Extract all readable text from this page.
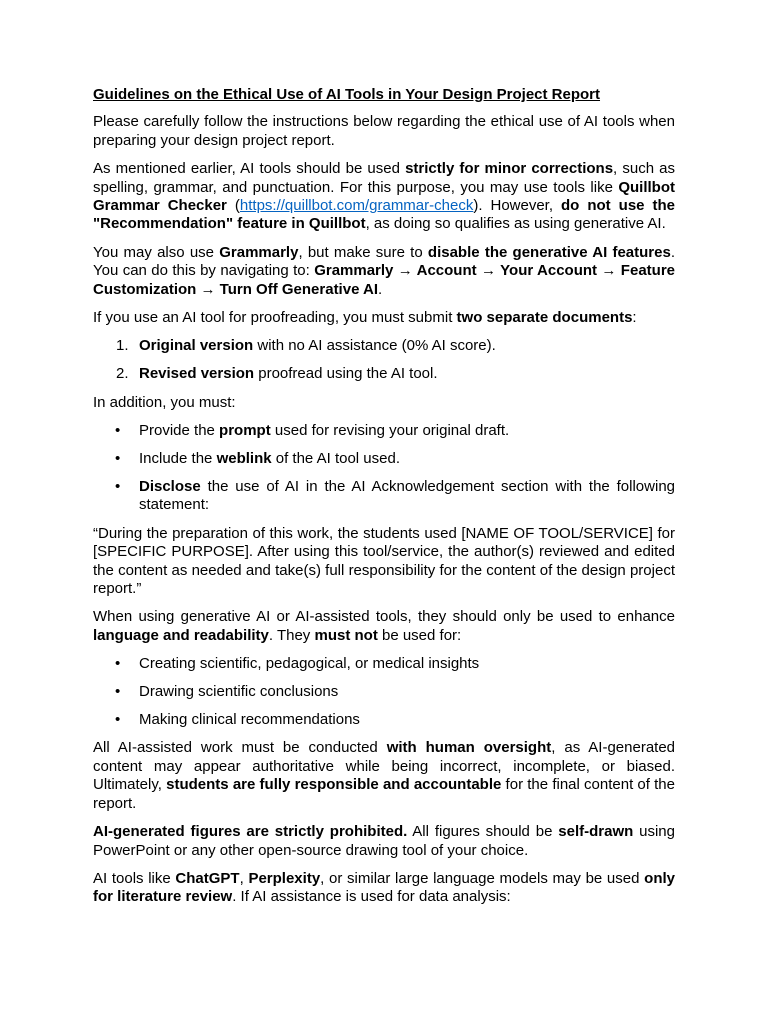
Guidelines on the Ethical Use of AI Tools in Your Design Project Report

Please carefully follow the instructions below regarding the ethical use of AI tools when preparing your design project report.

As mentioned earlier, AI tools should be used strictly for minor corrections, such as spelling, grammar, and punctuation. For this purpose, you may use tools like Quillbot Grammar Checker (https://quillbot.com/grammar-check). However, do not use the "Recommendation" feature in Quillbot, as doing so qualifies as using generative AI.

You may also use Grammarly, but make sure to disable the generative AI features. You can do this by navigating to: Grammarly → Account → Your Account → Feature Customization → Turn Off Generative AI.

If you use an AI tool for proofreading, you must submit two separate documents:

1. Original version with no AI assistance (0% AI score).
2. Revised version proofread using the AI tool.

In addition, you must:

• Provide the prompt used for revising your original draft.
• Include the weblink of the AI tool used.
• Disclose the use of AI in the AI Acknowledgement section with the following statement:

“During the preparation of this work, the students used [NAME OF TOOL/SERVICE] for [SPECIFIC PURPOSE]. After using this tool/service, the author(s) reviewed and edited the content as needed and take(s) full responsibility for the content of the design project report.”

When using generative AI or AI-assisted tools, they should only be used to enhance language and readability. They must not be used for:

• Creating scientific, pedagogical, or medical insights
• Drawing scientific conclusions
• Making clinical recommendations

All AI-assisted work must be conducted with human oversight, as AI-generated content may appear authoritative while being incorrect, incomplete, or biased. Ultimately, students are fully responsible and accountable for the final content of the report.

AI-generated figures are strictly prohibited. All figures should be self-drawn using PowerPoint or any other open-source drawing tool of your choice.

AI tools like ChatGPT, Perplexity, or similar large language models may be used only for literature review. If AI assistance is used for data analysis:
